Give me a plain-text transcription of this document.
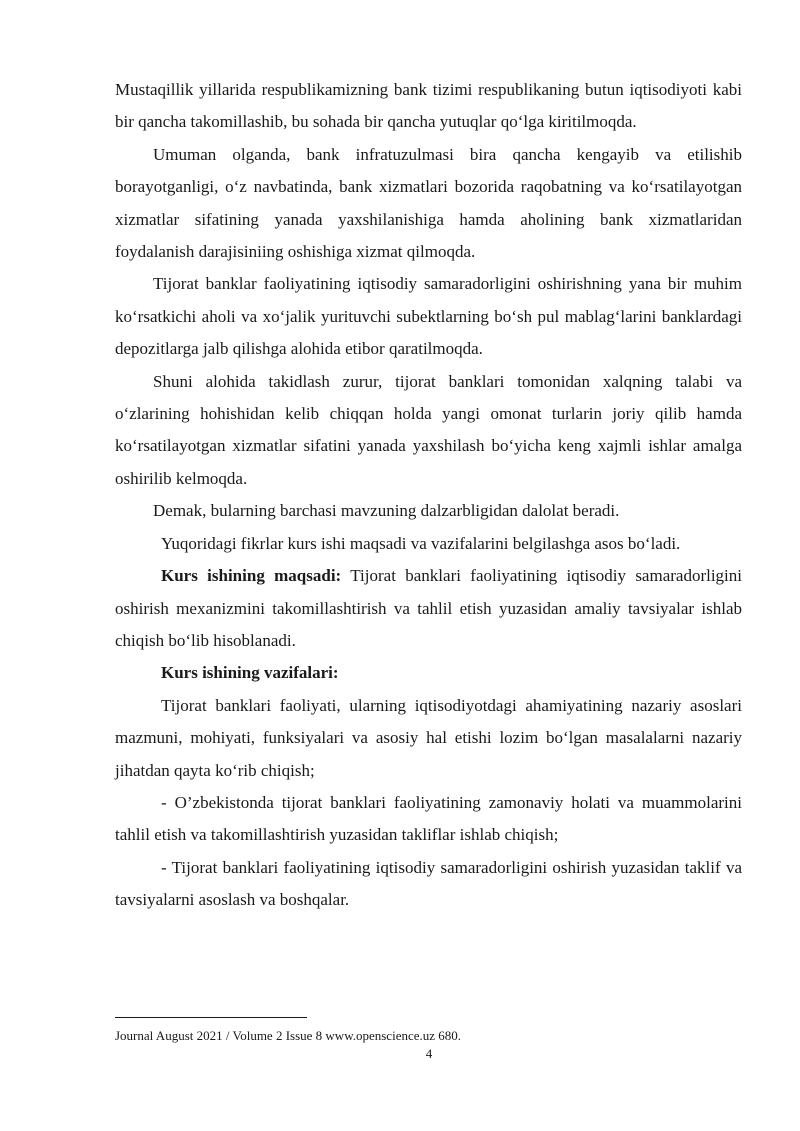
Mustaqillik yillarida respublikamizning bank tizimi respublikaning butun iqtisodiyoti kabi bir qancha takomillashib, bu sohada bir qancha yutuqlar qo‘lga kiritilmoqda.

Umuman olganda, bank infratuzulmasi bira qancha kengayib va etilishib borayotganligi, o‘z navbatinda, bank xizmatlari bozorida raqobatning va ko‘rsatilayotgan xizmatlar sifatining yanada yaxshilanishiga hamda aholining bank xizmatlaridan foydalanish darajisiniing oshishiga xizmat qilmoqda.

Tijorat banklar faoliyatining iqtisodiy samaradorligini oshirishning yana bir muhim ko‘rsatkichi aholi va xo‘jalik yurituvchi subektlarning bo‘sh pul mablag‘larini banklardagi depozitlarga jalb qilishga alohida etibor qaratilmoqda.

Shuni alohida takidlash zurur, tijorat banklari tomonidan xalqning talabi va o‘zlarining hohishidan kelib chiqqan holda yangi omonat turlarin joriy qilib hamda ko‘rsatilayotgan xizmatlar sifatini yanada yaxshilash bo‘yicha keng xajmli ishlar amalga oshirilib kelmoqda.

Demak, bularning barchasi mavzuning dalzarbligidan dalolat beradi.

Yuqoridagi fikrlar kurs ishi maqsadi va vazifalarini belgilashga asos bo‘ladi.

Kurs ishining maqsadi: Tijorat banklari faoliyatining iqtisodiy samaradorligini oshirish mexanizmini takomillashtirish va tahlil etish yuzasidan amaliy tavsiyalar ishlab chiqish bo‘lib hisoblanadi.

Kurs ishining vazifalari:

Tijorat banklari faoliyati, ularning iqtisodiyotdagi ahamiyatining nazariy asoslari mazmuni, mohiyati, funksiyalari va asosiy hal etishi lozim bo‘lgan masalalarni nazariy jihatdan qayta ko‘rib chiqish;

- O’zbekistonda tijorat banklari faoliyatining zamonaviy holati va muammolarini tahlil etish va takomillashtirish yuzasidan takliflar ishlab chiqish;

- Tijorat banklari faoliyatining iqtisodiy samaradorligini oshirish yuzasidan taklif va tavsiyalarni asoslash va boshqalar.

Journal August 2021 / Volume 2 Issue 8 www.openscience.uz 680.
4
